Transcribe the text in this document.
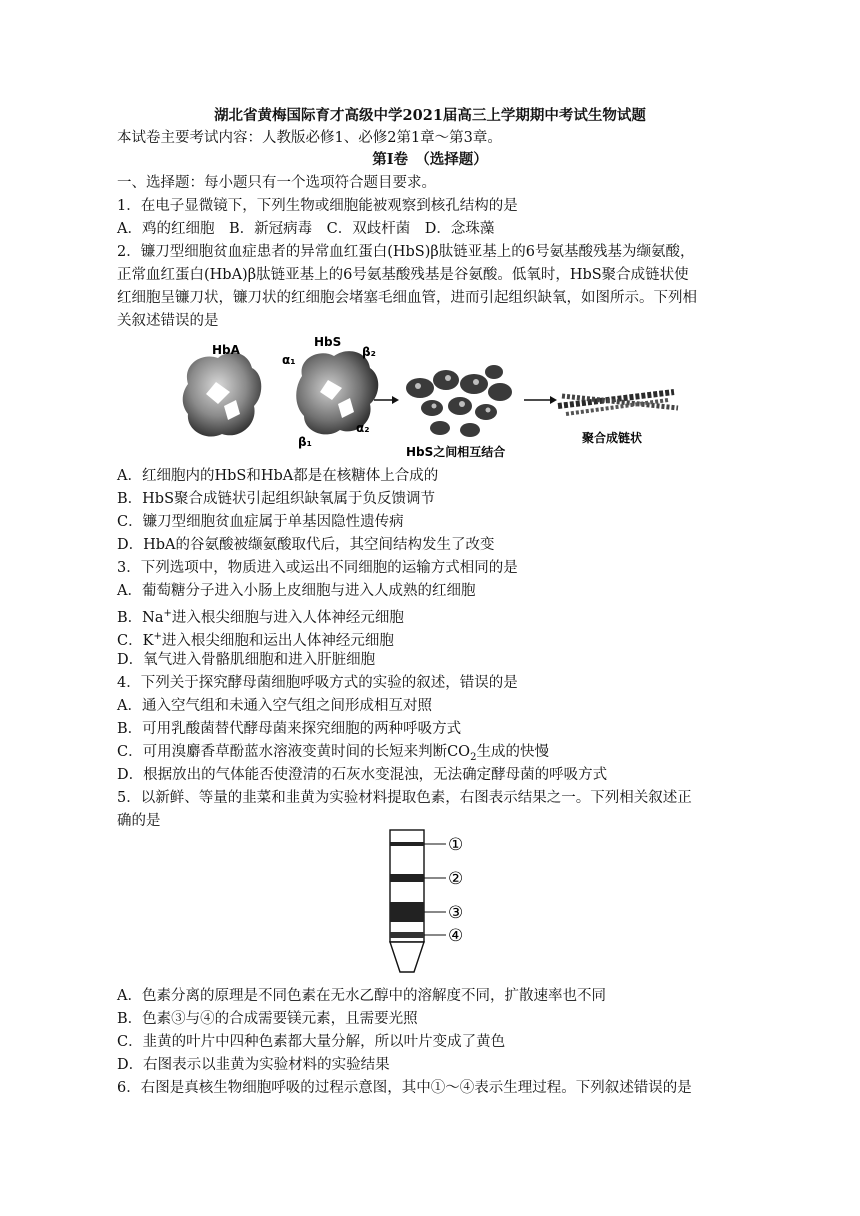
湖北省黄梅国际育才高级中学2021届高三上学期期中考试生物试题
本试卷主要考试内容：人教版必修1、必修2第1章～第3章。
第Ⅰ卷　（选择题）
一、选择题：每小题只有一个选项符合题目要求。
1．在电子显微镜下，下列生物或细胞能被观察到核孔结构的是
A．鸡的红细胞　B．新冠病毒　C．双歧杆菌　D．念珠藻
2．镰刀型细胞贫血症患者的异常血红蛋白(HbS)β肽链亚基上的6号氨基酸残基为缬氨酸，
正常血红蛋白(HbA)β肽链亚基上的6号氨基酸残基是谷氨酸。低氧时，HbS聚合成链状使
红细胞呈镰刀状，镰刀状的红细胞会堵塞毛细血管，进而引起组织缺氧，如图所示。下列相
关叙述错误的是
HbA
HbS
α₁
β₂
β₁
α₂
HbS之间相互结合
聚合成链状
A．红细胞内的HbS和HbA都是在核糖体上合成的
B．HbS聚合成链状引起组织缺氧属于负反馈调节
C．镰刀型细胞贫血症属于单基因隐性遗传病
D．HbA的谷氨酸被缬氨酸取代后，其空间结构发生了改变
3．下列选项中，物质进入或运出不同细胞的运输方式相同的是
A．葡萄糖分子进入小肠上皮细胞与进入人成熟的红细胞
B．Na+进入根尖细胞与进入人体神经元细胞
C．K+进入根尖细胞和运出人体神经元细胞
D．氧气进入骨骼肌细胞和进入肝脏细胞
4．下列关于探究酵母菌细胞呼吸方式的实验的叙述，错误的是
A．通入空气组和未通入空气组之间形成相互对照
B．可用乳酸菌替代酵母菌来探究细胞的两种呼吸方式
C．可用溴麝香草酚蓝水溶液变黄时间的长短来判断$CO_2$生成的快慢
D．根据放出的气体能否使澄清的石灰水变混浊，无法确定酵母菌的呼吸方式
5．以新鲜、等量的韭菜和韭黄为实验材料提取色素，右图表示结果之一。下列相关叙述正
确的是
①
②
③
④
A．色素分离的原理是不同色素在无水乙醇中的溶解度不同，扩散速率也不同
B．色素③与④的合成需要镁元素，且需要光照
C．韭黄的叶片中四种色素都大量分解，所以叶片变成了黄色
D．右图表示以韭黄为实验材料的实验结果
6．右图是真核生物细胞呼吸的过程示意图，其中①～④表示生理过程。下列叙述错误的是
